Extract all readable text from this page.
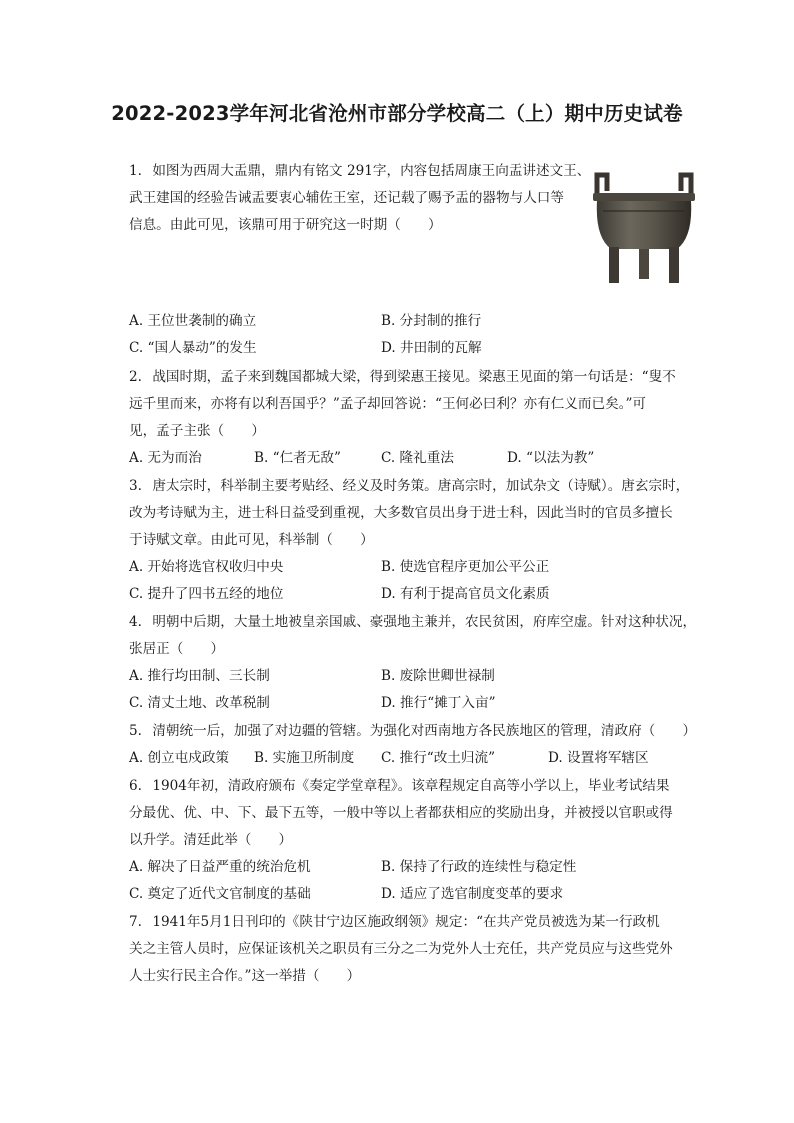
2022-2023学年河北省沧州市部分学校高二（上）期中历史试卷
1. 如图为西周大盂鼎，鼎内有铭文 291字，内容包括周康王向盂讲述文王、
武王建国的经验告诫盂要衷心辅佐王室，还记载了赐予盂的器物与人口等
信息。由此可见，该鼎可用于研究这一时期（　　）
A. 王位世袭制的确立	B. 分封制的推行
C. “国人暴动”的发生	D. 井田制的瓦解
2. 战国时期，孟子来到魏国都城大梁，得到梁惠王接见。梁惠王见面的第一句话是：“叟不
远千里而来，亦将有以利吾国乎？”孟子却回答说：“王何必曰利？亦有仁义而已矣。”可
见，孟子主张（　　）
A. 无为而治	B. “仁者无敌”	C. 隆礼重法	D. “以法为教”
3. 唐太宗时，科举制主要考贴经、经义及时务策。唐高宗时，加试杂文（诗赋）。唐玄宗时，
改为考诗赋为主，进士科日益受到重视，大多数官员出身于进士科，因此当时的官员多擅长
于诗赋文章。由此可见，科举制（　　）
A. 开始将选官权收归中央	B. 使选官程序更加公平公正
C. 提升了四书五经的地位	D. 有利于提高官员文化素质
4. 明朝中后期，大量土地被皇亲国戚、豪强地主兼并，农民贫困，府库空虚。针对这种状况，
张居正（　　）
A. 推行均田制、三长制	B. 废除世卿世禄制
C. 清丈土地、改革税制	D. 推行“摊丁入亩”
5. 清朝统一后，加强了对边疆的管辖。为强化对西南地方各民族地区的管理，清政府（　　）
A. 创立屯戍政策 B. 实施卫所制度 C. 推行“改土归流”	D. 设置将军辖区
6. 1904年初，清政府颁布《奏定学堂章程》。该章程规定自高等小学以上，毕业考试结果
分最优、优、中、下、最下五等，一般中等以上者都获相应的奖励出身，并被授以官职或得
以升学。清廷此举（　　）
A. 解决了日益严重的统治危机	B. 保持了行政的连续性与稳定性
C. 奠定了近代文官制度的基础	D. 适应了选官制度变革的要求
7. 1941年5月1日刊印的《陕甘宁边区施政纲领》规定：“在共产党员被选为某一行政机
关之主管人员时，应保证该机关之职员有三分之二为党外人士充任，共产党员应与这些党外
人士实行民主合作。”这一举措（　　）
